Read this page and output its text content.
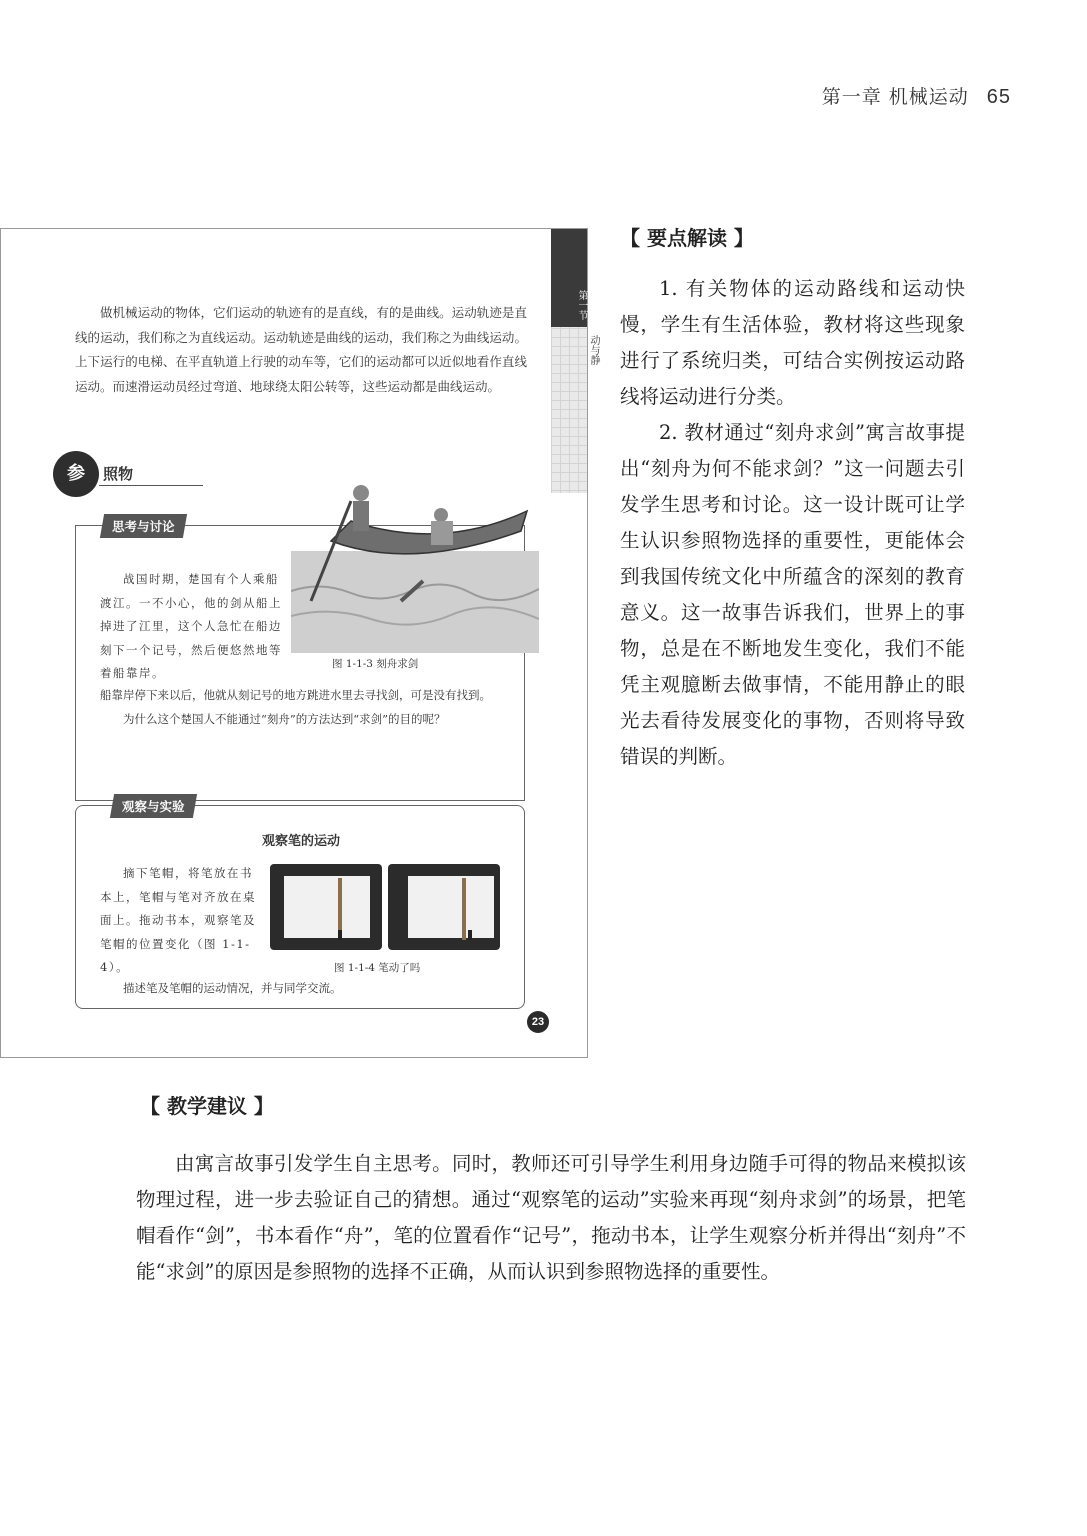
第一章 机械运动 65
第一节
动与静
做机械运动的物体，它们运动的轨迹有的是直线，有的是曲线。运动轨迹是直线的运动，我们称之为直线运动。运动轨迹是曲线的运动，我们称之为曲线运动。上下运行的电梯、在平直轨道上行驶的动车等，它们的运动都可以近似地看作直线运动。而速滑运动员经过弯道、地球绕太阳公转等，这些运动都是曲线运动。
参	照物
思考与讨论
战国时期，楚国有个人乘船渡江。一不小心，他的剑从船上掉进了江里，这个人急忙在船边刻下一个记号，然后便悠然地等着船靠岸。
图 1-1-3 刻舟求剑

船靠岸停下来以后，他就从刻记号的地方跳进水里去寻找剑，可是没有找到。

为什么这个楚国人不能通过“刻舟”的方法达到“求剑”的目的呢？

观察与实验
观察笔的运动
摘下笔帽，将笔放在书本上，笔帽与笔对齐放在桌面上。拖动书本，观察笔及笔帽的位置变化（图 1-1-4）。	图 1-1-4 笔动了吗
描述笔及笔帽的运动情况，并与同学交流。
23
【 要点解读 】

1. 有关物体的运动路线和运动快慢，学生有生活体验，教材将这些现象进行了系统归类，可结合实例按运动路线将运动进行分类。

2. 教材通过“刻舟求剑”寓言故事提出“刻舟为何不能求剑？”这一问题去引发学生思考和讨论。这一设计既可让学生认识参照物选择的重要性，更能体会到我国传统文化中所蕴含的深刻的教育意义。这一故事告诉我们，世界上的事物，总是在不断地发生变化，我们不能凭主观臆断去做事情，不能用静止的眼光去看待发展变化的事物，否则将导致错误的判断。

【 教学建议 】

由寓言故事引发学生自主思考。同时，教师还可引导学生利用身边随手可得的物品来模拟该物理过程，进一步去验证自己的猜想。通过“观察笔的运动”实验来再现“刻舟求剑”的场景，把笔帽看作“剑”，书本看作“舟”，笔的位置看作“记号”，拖动书本，让学生观察分析并得出“刻舟”不能“求剑”的原因是参照物的选择不正确，从而认识到参照物选择的重要性。
